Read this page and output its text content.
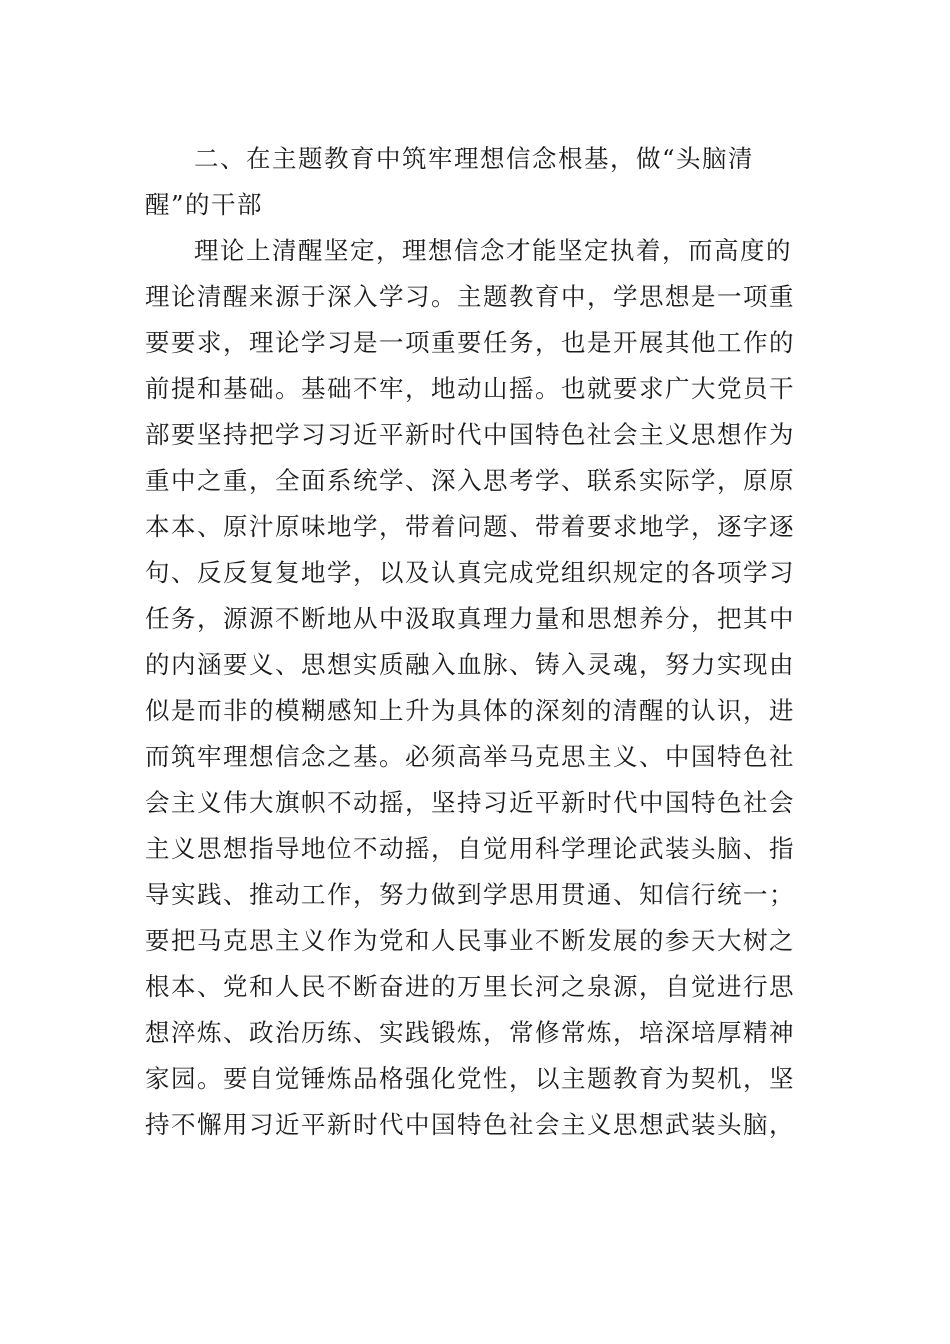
二、在主题教育中筑牢理想信念根基，做“头脑清
醒”的干部
理论上清醒坚定，理想信念才能坚定执着，而高度的
理论清醒来源于深入学习。主题教育中，学思想是一项重
要要求，理论学习是一项重要任务，也是开展其他工作的
前提和基础。基础不牢，地动山摇。也就要求广大党员干
部要坚持把学习习近平新时代中国特色社会主义思想作为
重中之重，全面系统学、深入思考学、联系实际学，原原
本本、原汁原味地学，带着问题、带着要求地学，逐字逐
句、反反复复地学，以及认真完成党组织规定的各项学习
任务，源源不断地从中汲取真理力量和思想养分，把其中
的内涵要义、思想实质融入血脉、铸入灵魂，努力实现由
似是而非的模糊感知上升为具体的深刻的清醒的认识，进
而筑牢理想信念之基。必须高举马克思主义、中国特色社
会主义伟大旗帜不动摇，坚持习近平新时代中国特色社会
主义思想指导地位不动摇，自觉用科学理论武装头脑、指
导实践、推动工作，努力做到学思用贯通、知信行统一；
要把马克思主义作为党和人民事业不断发展的参天大树之
根本、党和人民不断奋进的万里长河之泉源，自觉进行思
想淬炼、政治历练、实践锻炼，常修常炼，培深培厚精神
家园。要自觉锤炼品格强化党性，以主题教育为契机，坚
持不懈用习近平新时代中国特色社会主义思想武装头脑，
